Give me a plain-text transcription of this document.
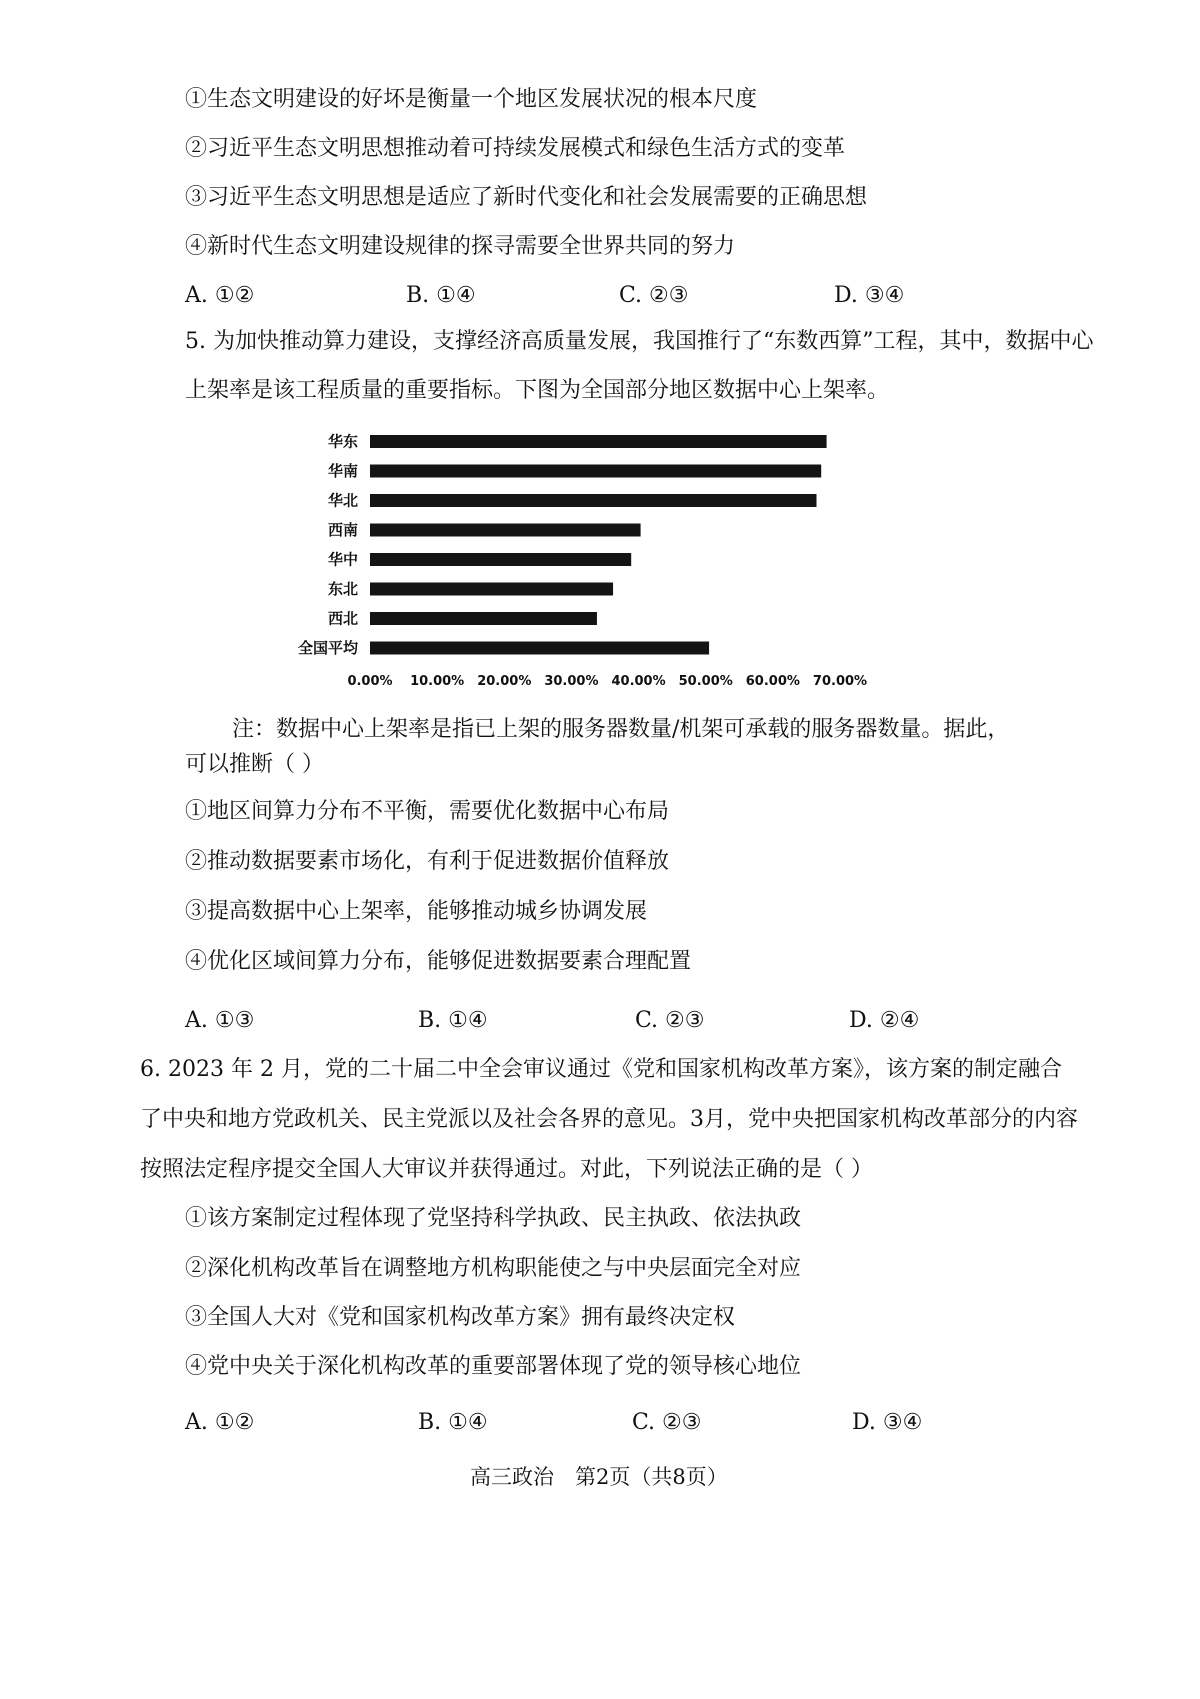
①生态文明建设的好坏是衡量一个地区发展状况的根本尺度
②习近平生态文明思想推动着可持续发展模式和绿色生活方式的变革
③习近平生态文明思想是适应了新时代变化和社会发展需要的正确思想
④新时代生态文明建设规律的探寻需要全世界共同的努力
A. ①②	B. ①④	C. ②③	D. ③④
5. 为加快推动算力建设，支撑经济高质量发展，我国推行了“东数西算”工程，其中，数据中心
上架率是该工程质量的重要指标。下图为全国部分地区数据中心上架率。
华东
华南
华北
西南
华中
东北
西北
全国平均
0.00% 10.00% 20.00% 30.00% 40.00% 50.00% 60.00% 70.00%
注：数据中心上架率是指已上架的服务器数量/机架可承载的服务器数量。据此，
可以推断（ ）
①地区间算力分布不平衡，需要优化数据中心布局
②推动数据要素市场化，有利于促进数据价值释放
③提高数据中心上架率，能够推动城乡协调发展
④优化区域间算力分布，能够促进数据要素合理配置
A. ①③	B. ①④	C. ②③	D. ②④
6. 2023 年 2 月，党的二十届二中全会审议通过《党和国家机构改革方案》，该方案的制定融合
了中央和地方党政机关、民主党派以及社会各界的意见。3月，党中央把国家机构改革部分的内容
按照法定程序提交全国人大审议并获得通过。对此，下列说法正确的是（ ）
①该方案制定过程体现了党坚持科学执政、民主执政、依法执政
②深化机构改革旨在调整地方机构职能使之与中央层面完全对应
③全国人大对《党和国家机构改革方案》拥有最终决定权
④党中央关于深化机构改革的重要部署体现了党的领导核心地位
A. ①②	B. ①④	C. ②③	D. ③④
高三政治　第2页（共8页）
